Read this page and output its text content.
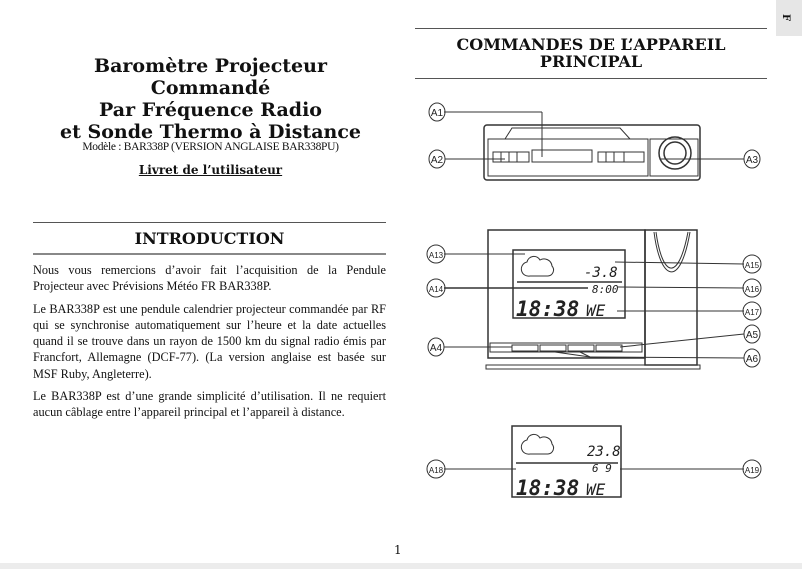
F
Baromètre Projecteur Commandé
Par Fréquence Radio
et Sonde Thermo à Distance
Modèle : BAR338P (VERSION ANGLAISE BAR338PU)
Livret de l’utilisateur
INTRODUCTION

Nous vous remercions d’avoir fait l’acquisition de la Pendule Projecteur avec Prévisions Météo FR BAR338P.

Le BAR338P est une pendule calendrier projecteur commandée par RF qui se synchronise automatiquement sur l’heure et la date actuelles quand il se trouve dans un rayon de 1500 km du signal radio émis par Francfort, Allemagne (DCF-77). (La version anglaise est basée sur MSF Ruby, Angleterre).

Le BAR338P est d’une grande simplicité d’utilisation. Il ne requiert aucun câblage entre l’appareil principal et l’appareil à distance.

COMMANDES DE L’APPAREIL
PRINCIPAL
A1
A2	A3
A13
A14
A4
A15
A16
A17
A5
A6
A18	A19
-3.8
8:00
18:38 WE
23.8
6 9
18:38 WE
1
